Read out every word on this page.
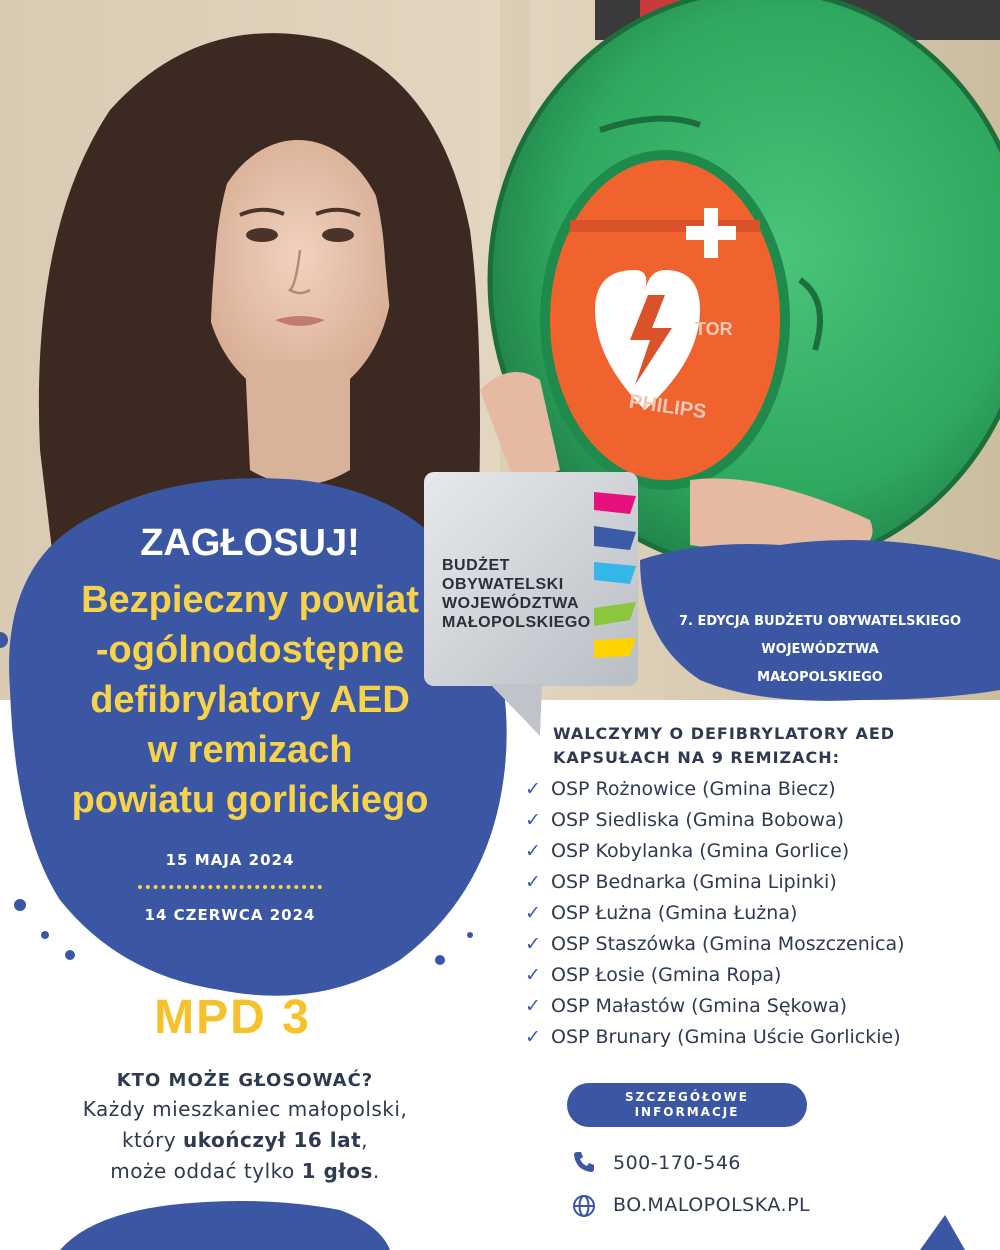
PHILIPS
TOR
ZAGŁOSUJ!
Bezpieczny powiat
-ogólnodostępne
defibrylatory AED
w remizach
powiatu gorlickiego
15 MAJA 2024
14 CZERWCA 2024
BUDŻET
OBYWATELSKI
WOJEWÓDZTWA
MAŁOPOLSKIEGO	7. EDYCJA BUDŻETU OBYWATELSKIEGO
WOJEWÓDZTWA
MAŁOPOLSKIEGO
WALCZYMY O DEFIBRYLATORY AED
KAPSUŁACH NA 9 REMIZACH:
✓ OSP Rożnowice (Gmina Biecz)
✓ OSP Siedliska (Gmina Bobowa)
✓ OSP Kobylanka (Gmina Gorlice)
✓ OSP Bednarka (Gmina Lipinki)
✓ OSP Łużna (Gmina Łużna)
✓ OSP Staszówka (Gmina Moszczenica)
✓ OSP Łosie (Gmina Ropa)
✓ OSP Małastów (Gmina Sękowa)
✓ OSP Brunary (Gmina Uście Gorlickie)
MPD 3
KTO MOŻE GŁOSOWAĆ?
Każdy mieszkaniec małopolski,
który ukończył 16 lat,
może oddać tylko 1 głos.
SZCZEGÓŁOWE
INFORMACJE
500-170-546
BO.MALOPOLSKA.PL
